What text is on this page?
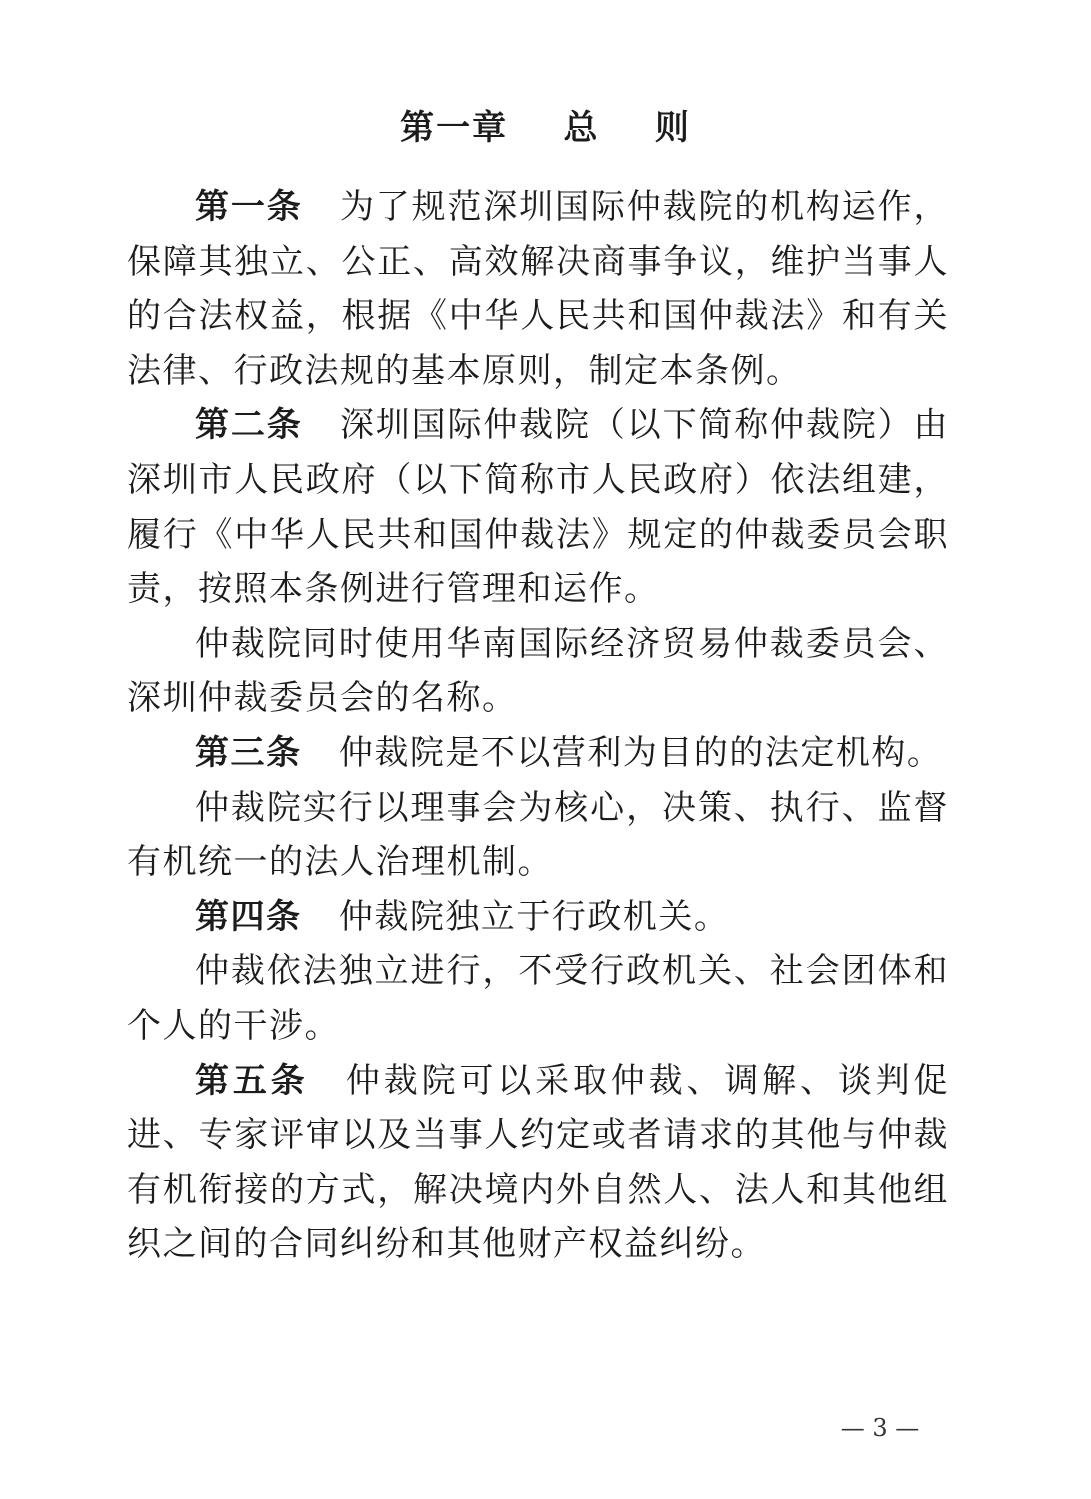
第一章    总    则

第一条 为了规范深圳国际仲裁院的机构运作，保障其独立、公正、高效解决商事争议，维护当事人的合法权益，根据《中华人民共和国仲裁法》和有关法律、行政法规的基本原则，制定本条例。

第二条 深圳国际仲裁院（以下简称仲裁院）由深圳市人民政府（以下简称市人民政府）依法组建，履行《中华人民共和国仲裁法》规定的仲裁委员会职责，按照本条例进行管理和运作。

仲裁院同时使用华南国际经济贸易仲裁委员会、深圳仲裁委员会的名称。

第三条 仲裁院是不以营利为目的的法定机构。

仲裁院实行以理事会为核心，决策、执行、监督有机统一的法人治理机制。

第四条 仲裁院独立于行政机关。

仲裁依法独立进行，不受行政机关、社会团体和个人的干涉。

第五条 仲裁院可以采取仲裁、调解、谈判促进、专家评审以及当事人约定或者请求的其他与仲裁有机衔接的方式，解决境内外自然人、法人和其他组织之间的合同纠纷和其他财产权益纠纷。

— 3 —
